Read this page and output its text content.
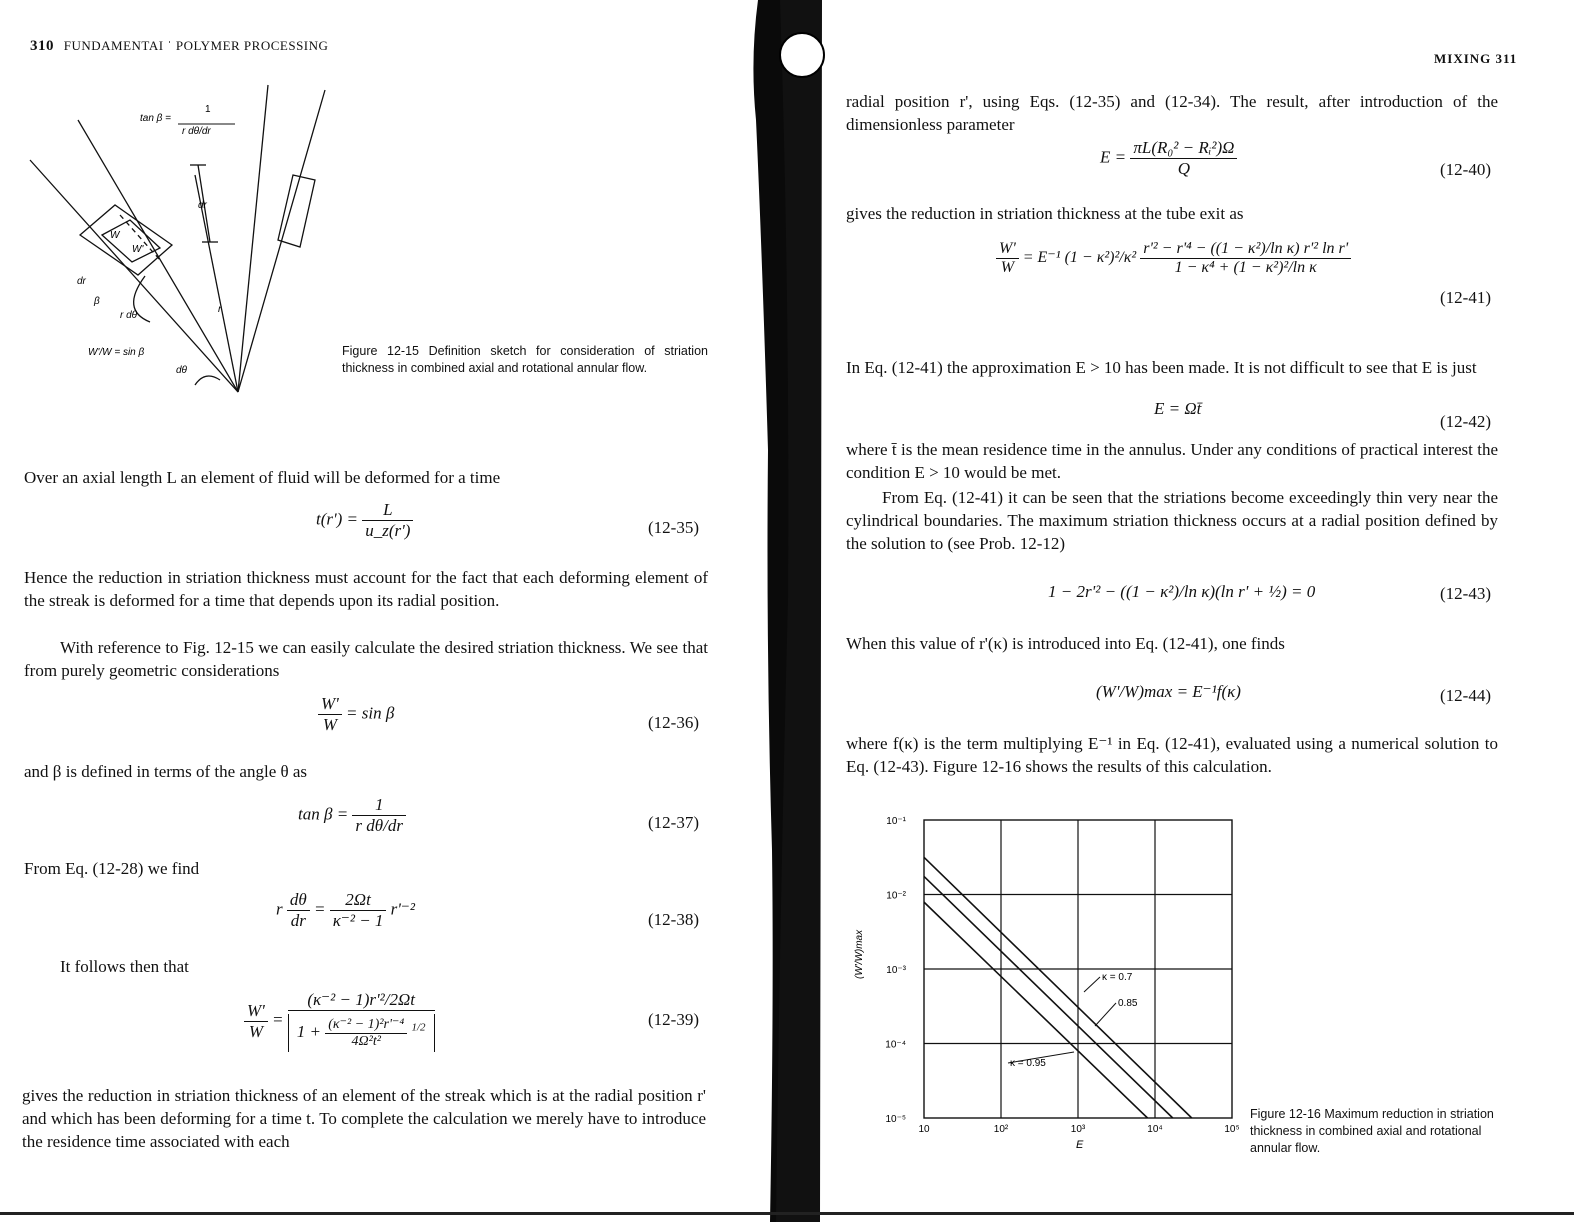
310 FUNDAMENTAI ˈ POLYMER PROCESSING
tan β =
1
r dθ/dr
dr
dr
W
W'
β
r dθ
r
W'/W = sin β
dθ
Figure 12-15 Definition sketch for consideration of striation thickness in combined axial and rotational annular flow.
Over an axial length L an element of fluid will be deformed for a time
$t(r') = \frac{L}{u\_z(r')}$	(12-35)
Hence the reduction in striation thickness must account for the fact that each deforming element of the streak is deformed for a time that depends upon its radial position.
With reference to Fig. 12-15 we can easily calculate the desired striation thickness. We see that from purely geometric considerations
$\frac{W'}{W} = \sin \beta$
(12-36)
and β is defined in terms of the angle θ as
$\tan \beta = \frac{1}{\text{r dθ/dr}}$	(12-37)
From Eq. (12-28) we find
r $\frac{d\theta}{dr} = \frac{2\Omega t}{\text{κ⁻² − 1}} r'^{-2}$
(12-38)
It follows then that
$\frac{W'}{W} = \frac{\text{(κ⁻² − 1)r'²/2Ωt}}{1 + \frac{\text{(κ⁻² − 1)²r'⁻⁴}}{\text{4Ω²t²}} ^{1/2}}$	(12-39)
gives the reduction in striation thickness of an element of the streak which is at the radial position r' and which has been deforming for a time t. To complete the calculation we merely have to introduce the residence time associated with each
MIXING 311
radial position r', using Eqs. (12-35) and (12-34). The result, after introduction of the dimensionless parameter
$E = \frac{\text{πL(R₀² − Rᵢ²)Ω}}{Q}$	(12-40)
gives the reduction in striation thickness at the tube exit as
$\frac{W'}{W} = E^{-1}$ $(1 - \kappa^2)^2/\kappa^2 \frac{\text{r'² − r'⁴ − ((1 − κ²)/ln κ) r'² ln r'}}{\text{1 − κ⁴ + (1 − κ²)²/ln κ}}$
(12-41)
In Eq. (12-41) the approximation E > 10 has been made. It is not difficult to see that E is just
E = Ωt̄
(12-42)
where t̄ is the mean residence time in the annulus. Under any conditions of practical interest the condition E > 10 would be met.
From Eq. (12-41) it can be seen that the striations become exceedingly thin very near the cylindrical boundaries. The maximum striation thickness occurs at a radial position defined by the solution to (see Prob. 12-12)
1 − 2r'² − ((1 − κ²)/ln κ)(ln r' + ½) = 0	(12-43)
When this value of r'(κ) is introduced into Eq. (12-41), one finds
(W'/W)max = E⁻¹f(κ)	(12-44)
where f(κ) is the term multiplying E⁻¹ in Eq. (12-41), evaluated using a numerical solution to Eq. (12-43). Figure 12-16 shows the results of this calculation.
10	10²	10³	10⁴	10⁵
10⁻¹
10⁻²
10⁻³
10⁻⁴
10⁻⁵
E
(W'/W)max	κ = 0.7
0.85
κ = 0.95
Figure 12-16 Maximum reduction in striation thickness in combined axial and rotational annular flow.
